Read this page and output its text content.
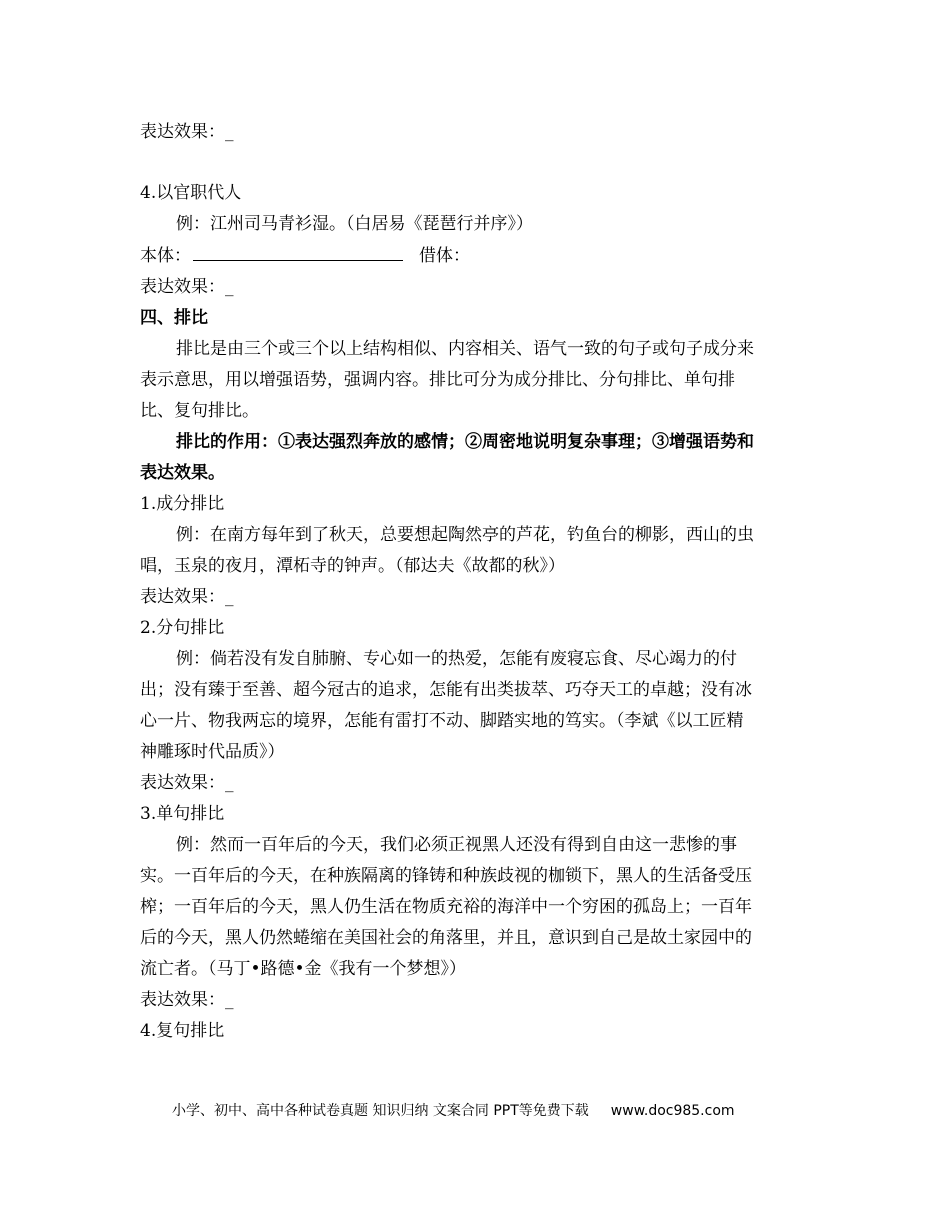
表达效果：_
4.以官职代人
例：江州司马青衫湿。（白居易《琵琶行并序》）
本体：	借体：
表达效果：_
四、排比
排比是由三个或三个以上结构相似、内容相关、语气一致的句子或句子成分来
表示意思，用以增强语势，强调内容。排比可分为成分排比、分句排比、单句排
比、复句排比。
排比的作用：①表达强烈奔放的感情；②周密地说明复杂事理；③增强语势和
表达效果。
1.成分排比
例：在南方每年到了秋天，总要想起陶然亭的芦花，钓鱼台的柳影，西山的虫
唱，玉泉的夜月，潭柘寺的钟声。（郁达夫《故都的秋》）
表达效果：_
2.分句排比
例：倘若没有发自肺腑、专心如一的热爱，怎能有废寝忘食、尽心竭力的付
出；没有臻于至善、超今冠古的追求，怎能有出类拔萃、巧夺天工的卓越；没有冰
心一片、物我两忘的境界，怎能有雷打不动、脚踏实地的笃实。（李斌《以工匠精
神雕琢时代品质》）
表达效果：_
3.单句排比
例：然而一百年后的今天，我们必须正视黑人还没有得到自由这一悲惨的事
实。一百年后的今天，在种族隔离的锋铸和种族歧视的枷锁下，黑人的生活备受压
榨；一百年后的今天，黑人仍生活在物质充裕的海洋中一个穷困的孤岛上；一百年
后的今天，黑人仍然蜷缩在美国社会的角落里，并且，意识到自己是故土家园中的
流亡者。（马丁•路德•金《我有一个梦想》）
表达效果：_
4.复句排比
小学、初中、高中各种试卷真题 知识归纳 文案合同 PPT等免费下载 www.doc985.com
